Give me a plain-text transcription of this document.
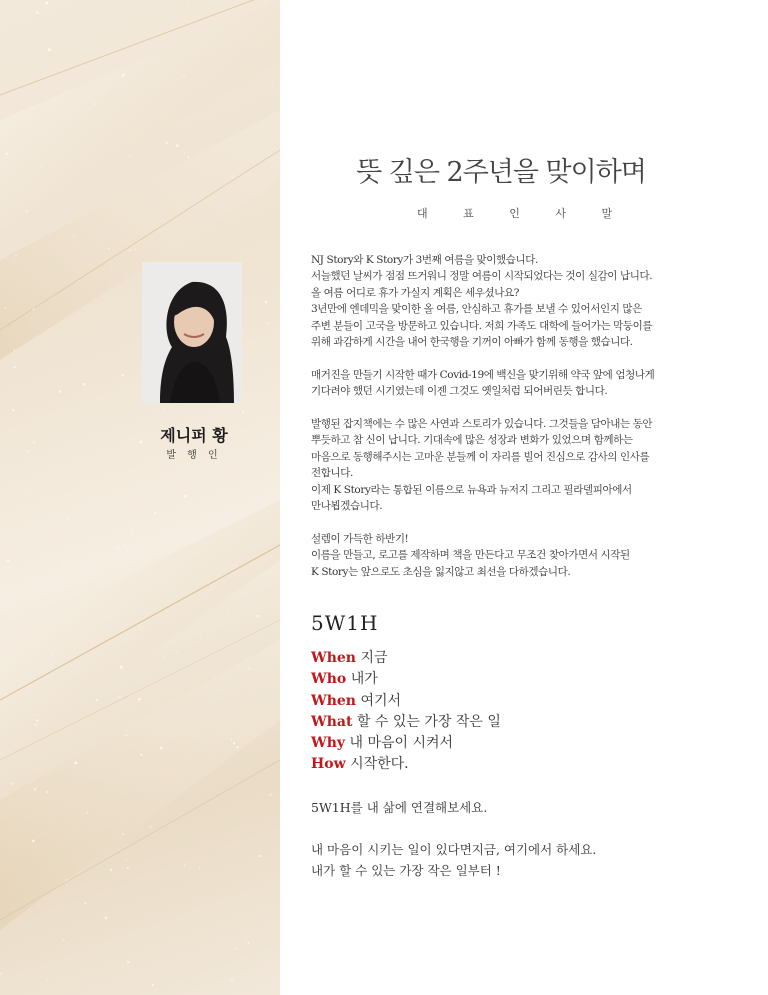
제니퍼 황
발 행 인
뜻 깊은 2주년을 맞이하며
대 표 인 사 말

NJ Story와 K Story가 3번째 여름을 맞이했습니다.
서늘했던 날씨가 점점 뜨거워니 정말 여름이 시작되었다는 것이 실감이 납니다.
올 여름 어디로 휴가 가실지 계획은 세우셨나요?
3년만에 엔데믹을 맞이한 올 여름, 안심하고 휴가를 보낼 수 있어서인지 많은
주변 분들이 고국을 방문하고 있습니다. 저희 가족도 대학에 들어가는 막둥이를
위해 과감하게 시간을 내어 한국행을 기꺼이 아빠가 함께 동행을 했습니다.

매거진을 만들기 시작한 때가 Covid-19에 백신을 맞기위해 약국 앞에 엄청나게
기다려야 했던 시기였는데 이젠 그것도 옛일처럼 되어버린듯 합니다.

발행된 잡지책에는 수 많은 사연과 스토리가 있습니다. 그것들을 담아내는 동안
뿌듯하고 참 신이 납니다. 기대속에 많은 성장과 변화가 있었으며 함께하는
마음으로 동행해주시는 고마운 분들께 이 자리를 빌어 진심으로 감사의 인사를
전합니다.
이제 K Story라는 통합된 이름으로 뉴욕과 뉴저지 그리고 필라델피아에서
만나뵙겠습니다.

설렘이 가득한 하반기!
이름을 만들고, 로고를 제작하며 책을 만든다고 무조건 찾아가면서 시작된
K Story는 앞으로도 초심을 잃지않고 최선을 다하겠습니다.

5W1H
When 지금
Who 내가
When 여기서
What 할 수 있는 가장 작은 일
Why 내 마음이 시켜서
How 시작한다.
5W1H를 내 삶에 연결해보세요.

내 마음이 시키는 일이 있다면지금, 여기에서 하세요.
내가 할 수 있는 가장 작은 일부터 !
